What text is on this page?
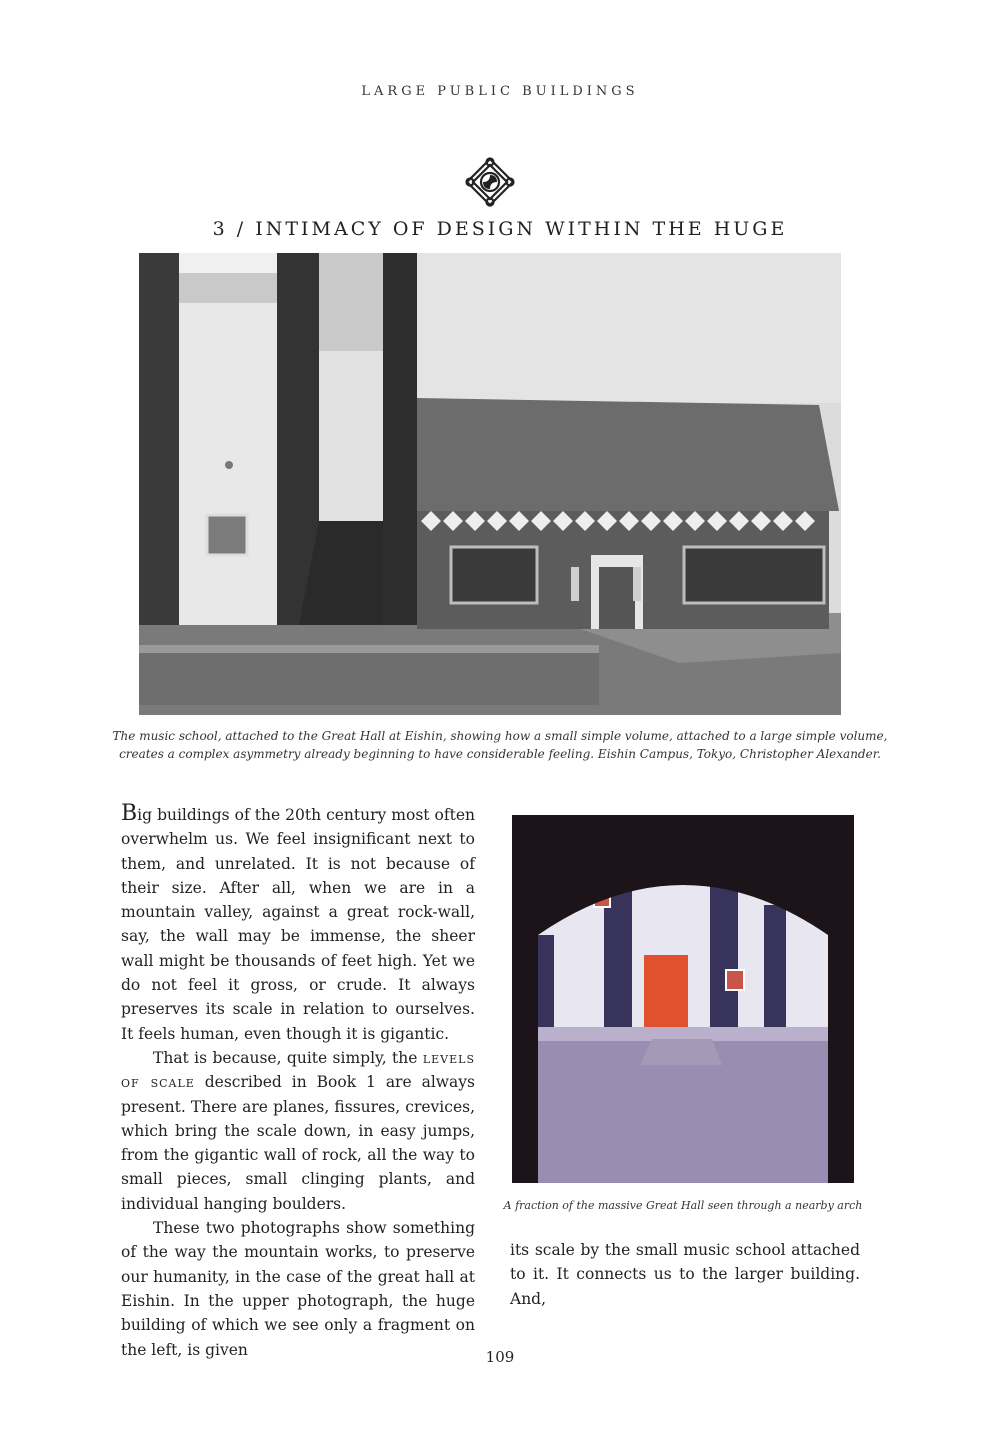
LARGE PUBLIC BUILDINGS
3 / INTIMACY OF DESIGN WITHIN THE HUGE
The music school, attached to the Great Hall at Eishin, showing how a small simple volume, attached to a large simple volume, creates a complex asymmetry already beginning to have considerable feeling. Eishin Campus, Tokyo, Christopher Alexander.

Big buildings of the 20th century most often overwhelm us. We feel insignificant next to them, and unrelated. It is not because of their size. After all, when we are in a mountain valley, against a great rock-wall, say, the wall may be immense, the sheer wall might be thousands of feet high. Yet we do not feel it gross, or crude. It always preserves its scale in relation to ourselves. It feels human, even though it is gigantic.

That is because, quite simply, the levels of scale described in Book 1 are always present. There are planes, fissures, crevices, which bring the scale down, in easy jumps, from the gigantic wall of rock, all the way to small pieces, small clinging plants, and individual hanging boulders.

These two photographs show something of the way the mountain works, to preserve our humanity, in the case of the great hall at Eishin. In the upper photograph, the huge building of which we see only a fragment on the left, is given

A fraction of the massive Great Hall seen through a nearby arch

its scale by the small music school attached to it. It connects us to the larger building. And,

109
